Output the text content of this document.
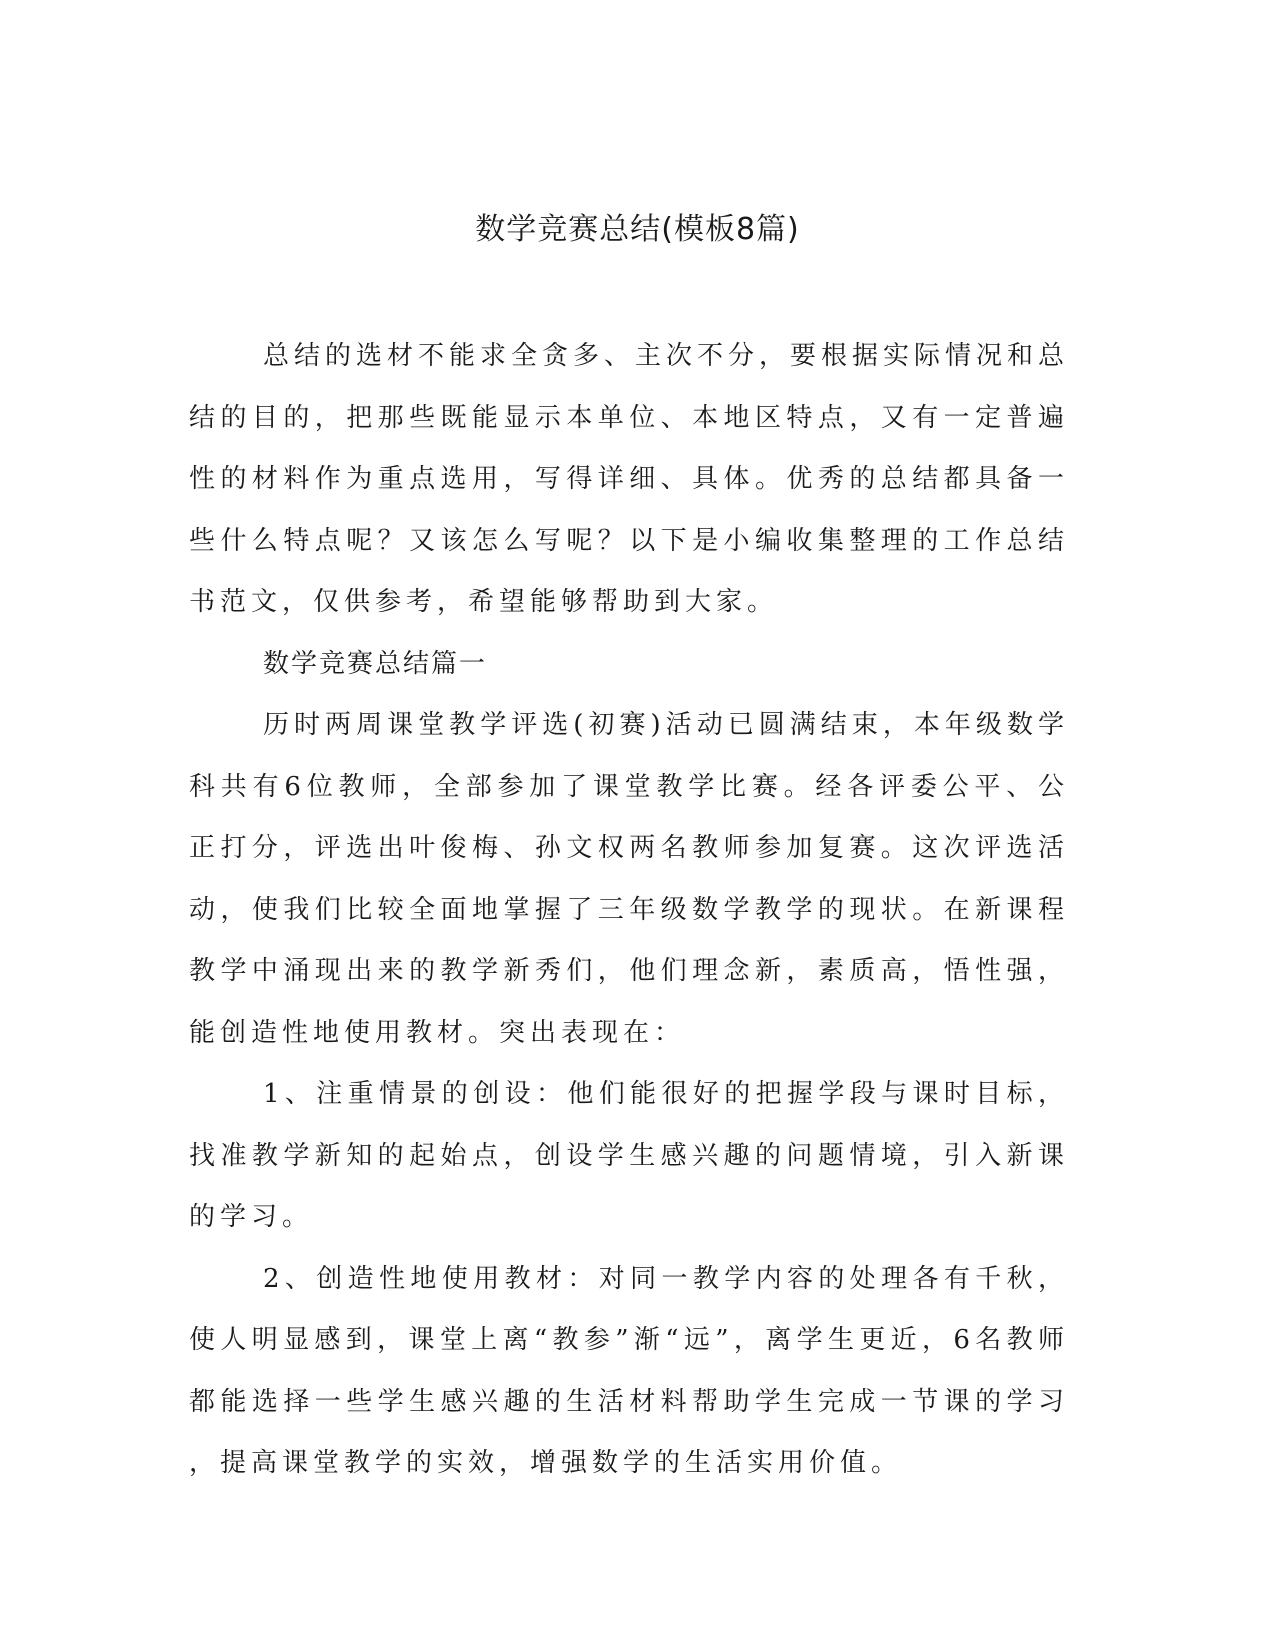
数学竞赛总结(模板8篇)

总结的选材不能求全贪多、主次不分，要根据实际情况和总结的目的，把那些既能显示本单位、本地区特点，又有一定普遍性的材料作为重点选用，写得详细、具体。优秀的总结都具备一些什么特点呢？又该怎么写呢？以下是小编收集整理的工作总结书范文，仅供参考，希望能够帮助到大家。

数学竞赛总结篇一

历时两周课堂教学评选(初赛)活动已圆满结束，本年级数学科共有6位教师，全部参加了课堂教学比赛。经各评委公平、公正打分，评选出叶俊梅、孙文权两名教师参加复赛。这次评选活动，使我们比较全面地掌握了三年级数学教学的现状。在新课程教学中涌现出来的教学新秀们，他们理念新，素质高，悟性强，能创造性地使用教材。突出表现在：

1、注重情景的创设：他们能很好的把握学段与课时目标，找准教学新知的起始点，创设学生感兴趣的问题情境，引入新课的学习。

2、创造性地使用教材：对同一教学内容的处理各有千秋，使人明显感到，课堂上离“教参”渐“远”，离学生更近，6名教师都能选择一些学生感兴趣的生活材料帮助学生完成一节课的学习，提高课堂教学的实效，增强数学的生活实用价值。
